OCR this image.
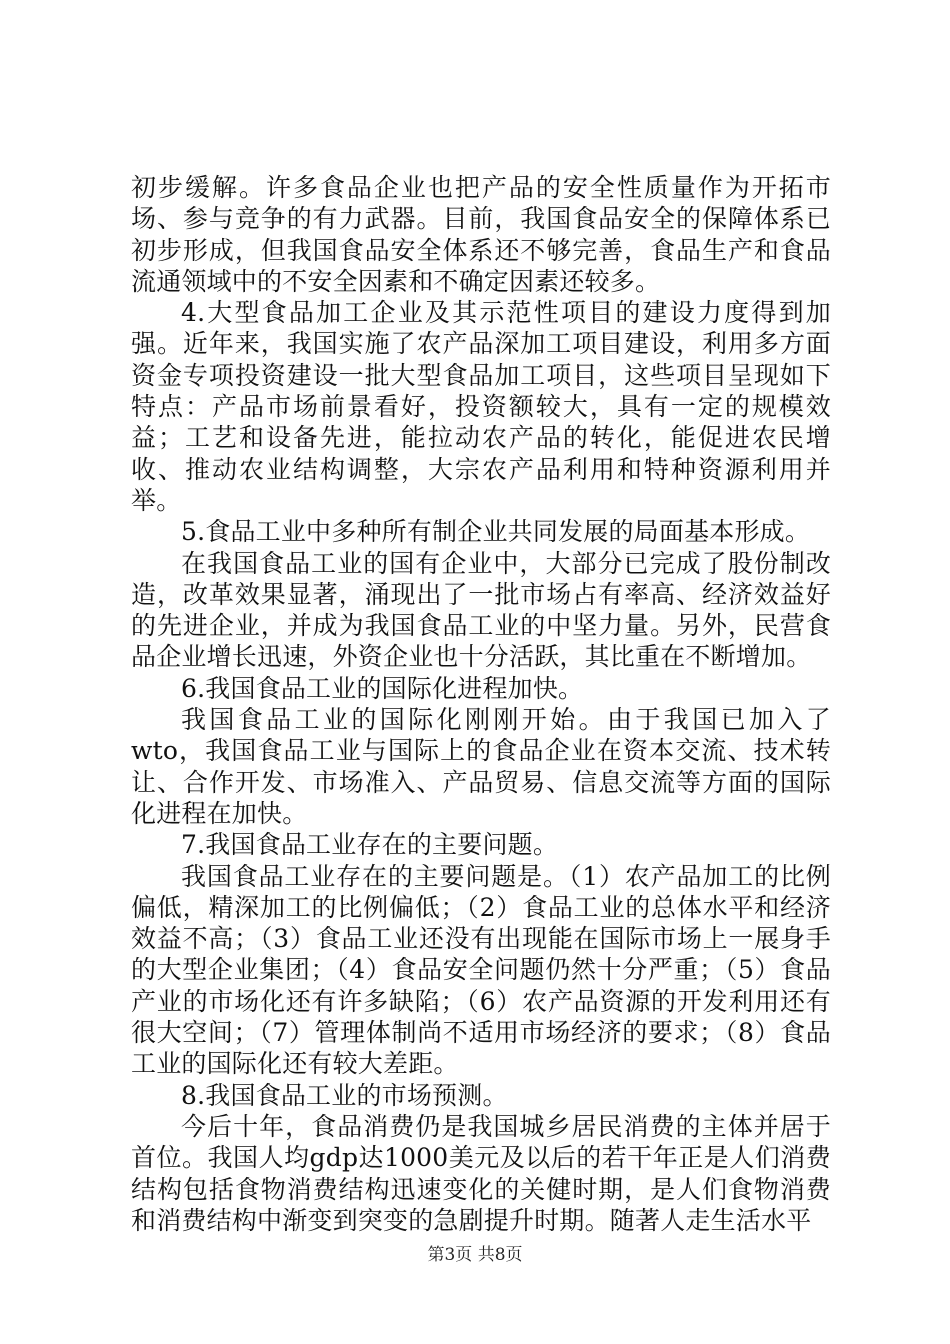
初步缓解。许多食品企业也把产品的安全性质量作为开拓市场、参与竞争的有力武器。目前，我国食品安全的保障体系已初步形成，但我国食品安全体系还不够完善，食品生产和食品流通领域中的不安全因素和不确定因素还较多。

4.大型食品加工企业及其示范性项目的建设力度得到加强。近年来，我国实施了农产品深加工项目建设，利用多方面资金专项投资建设一批大型食品加工项目，这些项目呈现如下特点：产品市场前景看好，投资额较大，具有一定的规模效益；工艺和设备先进，能拉动农产品的转化，能促进农民增收、推动农业结构调整，大宗农产品利用和特种资源利用并举。

5.食品工业中多种所有制企业共同发展的局面基本形成。

在我国食品工业的国有企业中，大部分已完成了股份制改造，改革效果显著，涌现出了一批市场占有率高、经济效益好的先进企业，并成为我国食品工业的中坚力量。另外，民营食品企业增长迅速，外资企业也十分活跃，其比重在不断增加。

6.我国食品工业的国际化进程加快。

我国食品工业的国际化刚刚开始。由于我国已加入了wto，我国食品工业与国际上的食品企业在资本交流、技术转让、合作开发、市场准入、产品贸易、信息交流等方面的国际化进程在加快。

7.我国食品工业存在的主要问题。

我国食品工业存在的主要问题是。（1）农产品加工的比例偏低，精深加工的比例偏低；（2）食品工业的总体水平和经济效益不高；（3）食品工业还没有出现能在国际市场上一展身手的大型企业集团；（4）食品安全问题仍然十分严重；（5）食品产业的市场化还有许多缺陷；（6）农产品资源的开发利用还有很大空间；（7）管理体制尚不适用市场经济的要求；（8）食品工业的国际化还有较大差距。

8.我国食品工业的市场预测。

今后十年，食品消费仍是我国城乡居民消费的主体并居于首位。我国人均gdp达1000美元及以后的若干年正是人们消费结构包括食物消费结构迅速变化的关健时期，是人们食物消费和消费结构中渐变到突变的急剧提升时期。随著人走生活水平

第3页 共8页
